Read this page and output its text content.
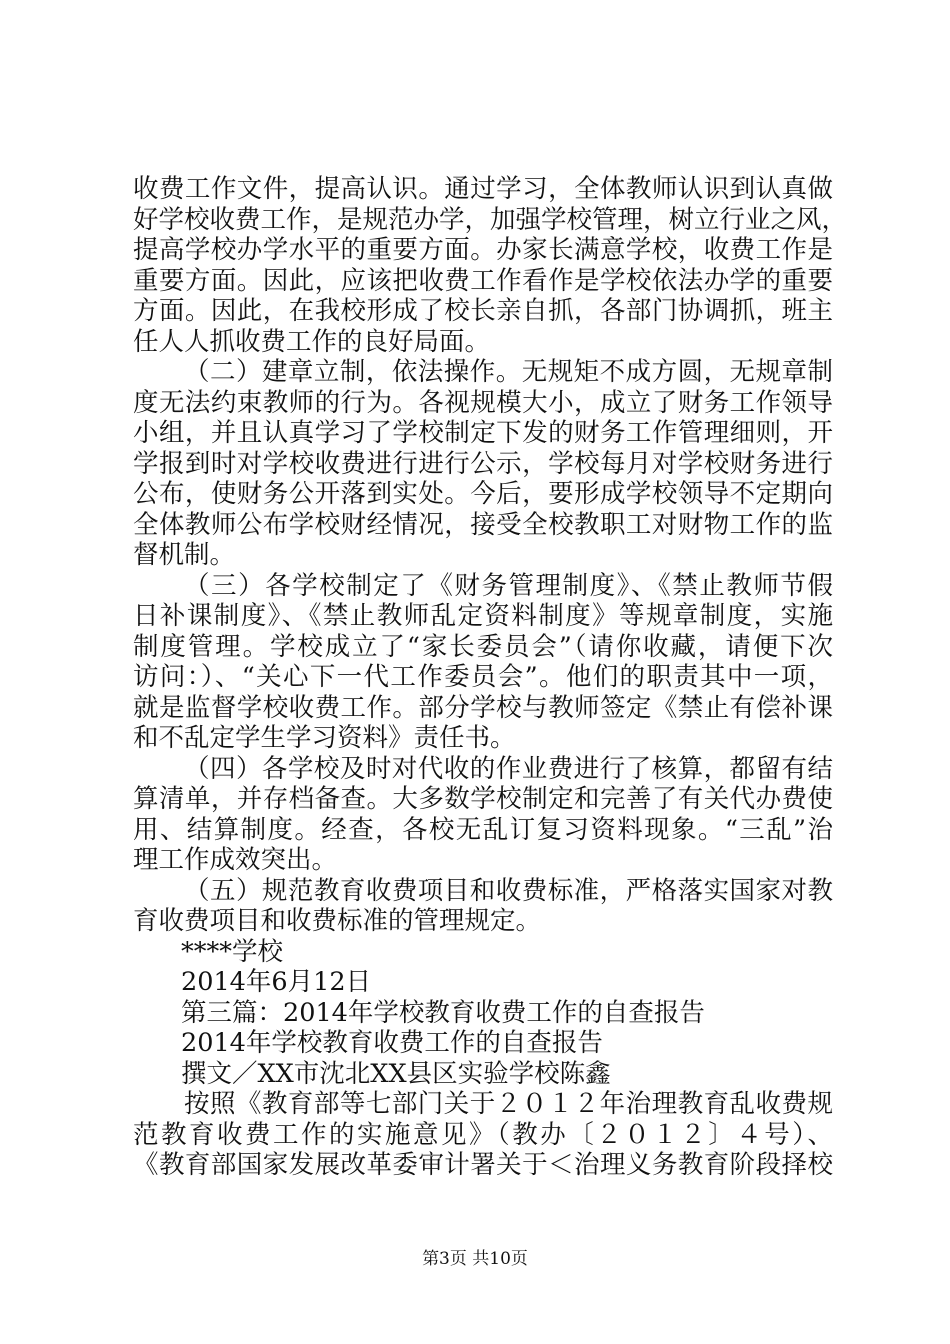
收费工作文件，提高认识。通过学习，全体教师认识到认真做
好学校收费工作，是规范办学，加强学校管理，树立行业之风，
提高学校办学水平的重要方面。办家长满意学校，收费工作是
重要方面。因此，应该把收费工作看作是学校依法办学的重要
方面。因此，在我校形成了校长亲自抓，各部门协调抓，班主
任人人抓收费工作的良好局面。
（二）建章立制，依法操作。无规矩不成方圆，无规章制
度无法约束教师的行为。各视规模大小，成立了财务工作领导
小组，并且认真学习了学校制定下发的财务工作管理细则，开
学报到时对学校收费进行进行公示，学校每月对学校财务进行
公布，使财务公开落到实处。今后，要形成学校领导不定期向
全体教师公布学校财经情况，接受全校教职工对财物工作的监
督机制。
（三）各学校制定了《财务管理制度》、《禁止教师节假
日补课制度》、《禁止教师乱定资料制度》等规章制度，实施
制度管理。学校成立了“家长委员会”（请你收藏，请便下次
访问：）、“关心下一代工作委员会”。他们的职责其中一项，
就是监督学校收费工作。部分学校与教师签定《禁止有偿补课
和不乱定学生学习资料》责任书。
（四）各学校及时对代收的作业费进行了核算，都留有结
算清单，并存档备查。大多数学校制定和完善了有关代办费使
用、结算制度。经查，各校无乱订复习资料现象。“三乱”治
理工作成效突出。
（五）规范教育收费项目和收费标准，严格落实国家对教
育收费项目和收费标准的管理规定。
****学校
2014年6月12日
第三篇：2014年学校教育收费工作的自查报告
2014年学校教育收费工作的自查报告
撰文／XX市沈北XX县区实验学校陈鑫
按照《教育部等七部门关于２０１２年治理教育乱收费规
范教育收费工作的实施意见》（教办〔２０１２〕４号）、
《教育部国家发展改革委审计署关于＜治理义务教育阶段择校
第3页 共10页
